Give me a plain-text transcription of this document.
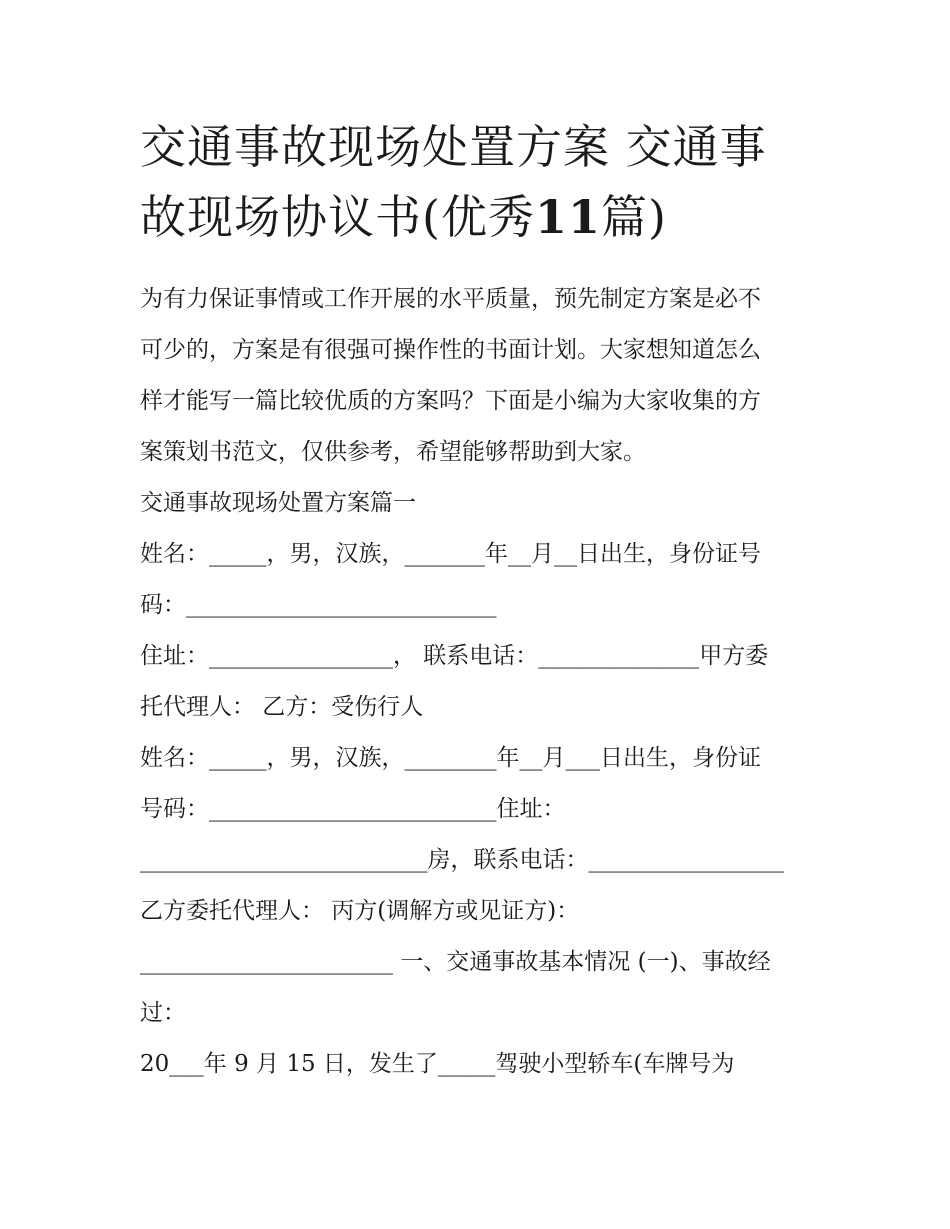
交通事故现场处置方案 交通事
故现场协议书(优秀11篇)
为有力保证事情或工作开展的水平质量，预先制定方案是必不
可少的，方案是有很强可操作性的书面计划。大家想知道怎么
样才能写一篇比较优质的方案吗？下面是小编为大家收集的方
案策划书范文，仅供参考，希望能够帮助到大家。
交通事故现场处置方案篇一
姓名：_____，男，汉族，_______年__月__日出生，身份证号
码：___________________________
住址：________________， 联系电话：______________甲方委
托代理人： 乙方：受伤行人
姓名：_____，男，汉族，________年__月___日出生，身份证
号码：_________________________住址：
_________________________房，联系电话：_________________
乙方委托代理人： 丙方(调解方或见证方)：
______________________ 一、交通事故基本情况 (一)、事故经
过：
20___年 9 月 15 日，发生了_____驾驶小型轿车(车牌号为
